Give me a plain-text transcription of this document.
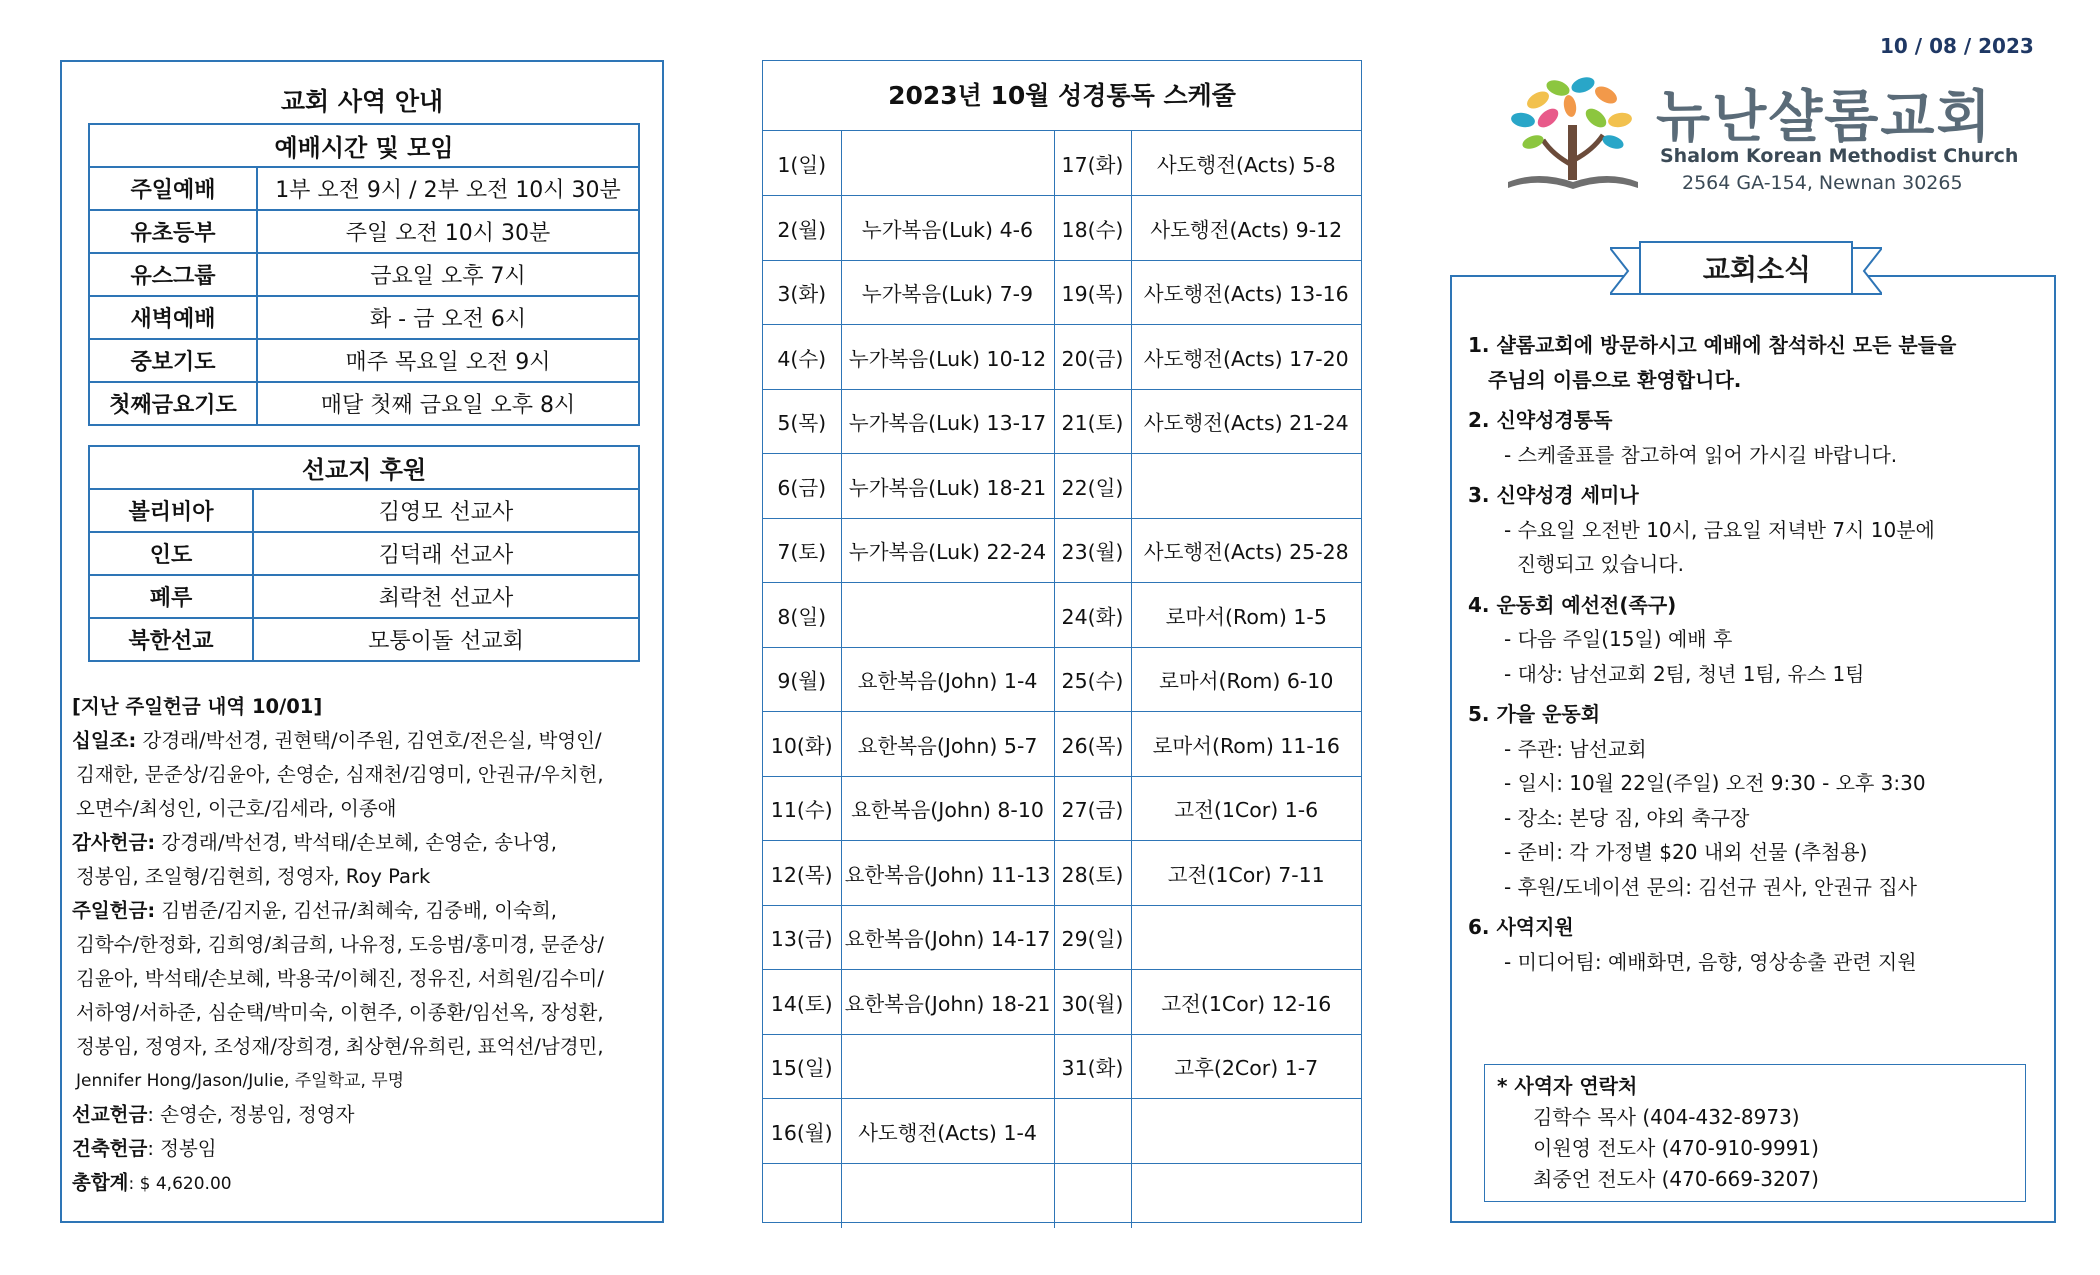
교회 사역 안내
예배시간 및 모임	
주일예배	1부 오전 9시 / 2부 오전 10시 30분
유초등부	주일 오전 10시 30분
유스그룹	금요일 오후 7시
새벽예배	화 - 금 오전 6시
중보기도	매주 목요일 오전 9시
첫째금요기도	매달 첫째 금요일 오후 8시
선교지 후원	
볼리비아	김영모 선교사
인도	김덕래 선교사
페루	최락천 선교사
북한선교	모퉁이돌 선교회
[지난 주일헌금 내역 10/01]
십일조: 강경래/박선경, 권현택/이주원, 김연호/전은실, 박영인/
김재한, 문준상/김윤아, 손영순, 심재천/김영미, 안권규/우치헌,
오면수/최성인, 이근호/김세라, 이종애
감사헌금: 강경래/박선경, 박석태/손보혜, 손영순, 송나영,
정봉임, 조일형/김현희, 정영자, Roy Park
주일헌금: 김범준/김지윤, 김선규/최혜숙, 김중배, 이숙희,
김학수/한정화, 김희영/최금희, 나유정, 도응범/홍미경, 문준상/
김윤아, 박석태/손보혜, 박용국/이혜진, 정유진, 서희원/김수미/
서하영/서하준, 심순택/박미숙, 이현주, 이종환/임선옥, 장성환,
정봉임, 정영자, 조성재/장희경, 최상현/유희린, 표억선/남경민,
Jennifer Hong/Jason/Julie, 주일학교, 무명
선교헌금: 손영순, 정봉임, 정영자
건축헌금: 정봉임
총합계: $ 4,620.00
2023년 10월 성경통독 스케줄
1(일)		17(화)	사도행전(Acts) 5-8
2(월)	누가복음(Luk) 4-6	18(수)	사도행전(Acts) 9-12
3(화)	누가복음(Luk) 7-9	19(목)	사도행전(Acts) 13-16
4(수)	누가복음(Luk) 10-12	20(금)	사도행전(Acts) 17-20
5(목)	누가복음(Luk) 13-17	21(토)	사도행전(Acts) 21-24
6(금)	누가복음(Luk) 18-21	22(일)	
7(토)	누가복음(Luk) 22-24	23(월)	사도행전(Acts) 25-28
8(일)		24(화)	로마서(Rom) 1-5
9(월)	요한복음(John) 1-4	25(수)	로마서(Rom) 6-10
10(화)	요한복음(John) 5-7	26(목)	로마서(Rom) 11-16
11(수)	요한복음(John) 8-10	27(금)	고전(1Cor) 1-6
12(목)	요한복음(John) 11-13	28(토)	고전(1Cor) 7-11
13(금)	요한복음(John) 14-17	29(일)	
14(토)	요한복음(John) 18-21	30(월)	고전(1Cor) 12-16
15(일)		31(화)	고후(2Cor) 1-7
16(월)	사도행전(Acts) 1-4		

10 / 08 / 2023
뉴난샬롬교회
Shalom Korean Methodist Church
2564 GA-154, Newnan 30265
교회소식
1. 샬롬교회에 방문하시고 예배에 참석하신 모든 분들을
주님의 이름으로 환영합니다.
2. 신약성경통독
- 스케줄표를 참고하여 읽어 가시길 바랍니다.
3. 신약성경 세미나
- 수요일 오전반 10시, 금요일 저녁반 7시 10분에
진행되고 있습니다.
4. 운동회 예선전(족구)
- 다음 주일(15일) 예배 후
- 대상: 남선교회 2팀, 청년 1팀, 유스 1팀
5. 가을 운동회
- 주관: 남선교회
- 일시: 10월 22일(주일) 오전 9:30 - 오후 3:30
- 장소: 본당 짐, 야외 축구장
- 준비: 각 가정별 $20 내외 선물 (추첨용)
- 후원/도네이션 문의: 김선규 권사, 안권규 집사
6. 사역지원
- 미디어팀: 예배화면, 음향, 영상송출 관련 지원
* 사역자 연락처
김학수 목사 (404-432-8973)
이원영 전도사 (470-910-9991)
최중언 전도사 (470-669-3207)
